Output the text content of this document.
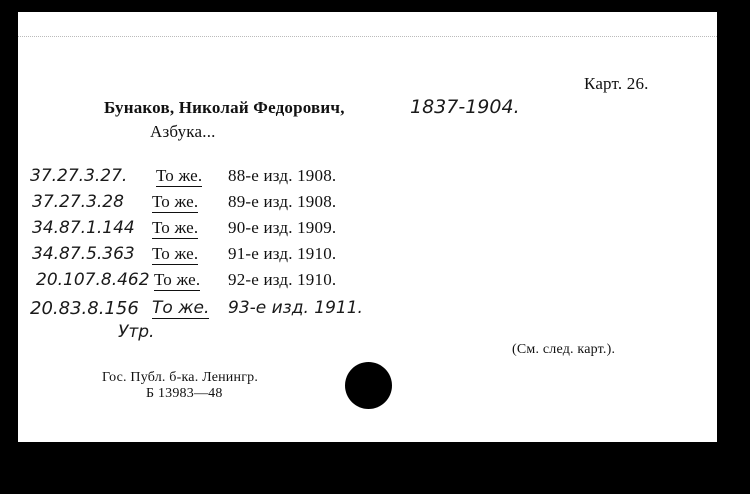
Карт. 26.
Бунаков, Николай Федорович,	1837-1904.
Азбука...
37.27.3.27. То же. 88-е изд. 1908.
37.27.3.28 То же. 89-е изд. 1908.
34.87.1.144 То же. 90-е изд. 1909.
34.87.5.363 То же. 91-е изд. 1910.
20.107.8.462 То же. 92-е изд. 1910.
20.83.8.156 То же. 93-е изд. 1911.
Утр.
(См. след. карт.).
Гос. Публ. б-ка. Ленингр.
Б 13983—48
